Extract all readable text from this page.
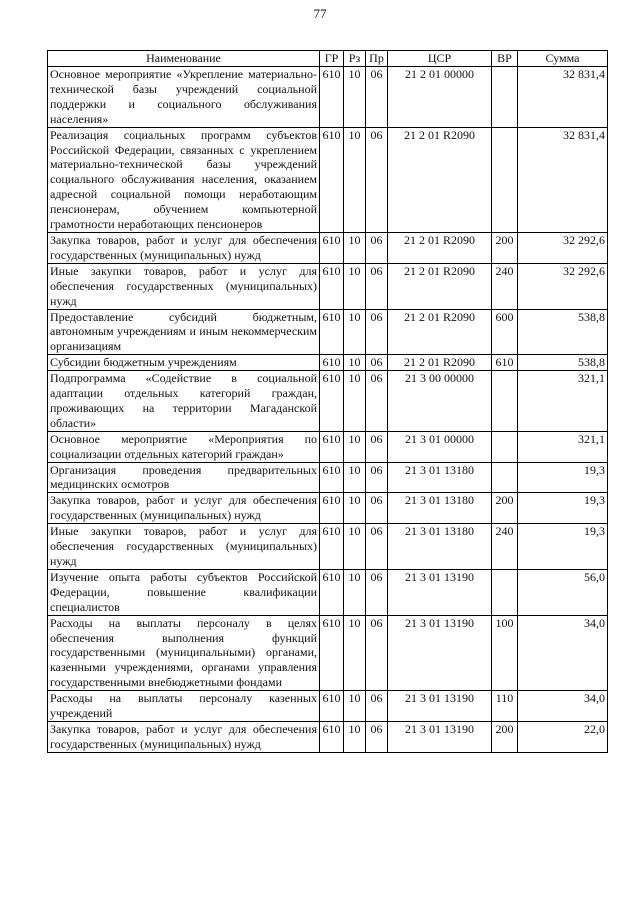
77
Наименование	ГР	Рз	Пр	ЦСР	ВР	Сумма
Основное мероприятие «Укрепление материально-технической базы учреждений социальной поддержки и социального обслуживания населения»	610	10	06	21 2 01 00000		32 831,4
Реализация социальных программ субъектов Российской Федерации, связанных с укреплением материально-технической базы учреждений социального обслуживания населения, оказанием адресной социальной помощи неработающим пенсионерам, обучением компьютерной грамотности неработающих пенсионеров	610	10	06	21 2 01 R2090		32 831,4
Закупка товаров, работ и услуг для обеспечения государственных (муниципальных) нужд	610	10	06	21 2 01 R2090	200	32 292,6
Иные закупки товаров, работ и услуг для обеспечения государственных (муниципальных) нужд	610	10	06	21 2 01 R2090	240	32 292,6
Предоставление субсидий бюджетным, автономным учреждениям и иным некоммерческим организациям	610	10	06	21 2 01 R2090	600	538,8
Субсидии бюджетным учреждениям	610	10	06	21 2 01 R2090	610	538,8
Подпрограмма «Содействие в социальной адаптации отдельных категорий граждан, проживающих на территории Магаданской области»	610	10	06	21 3 00 00000		321,1
Основное мероприятие «Мероприятия по социализации отдельных категорий граждан»	610	10	06	21 3 01 00000		321,1
Организация проведения предварительных медицинских осмотров	610	10	06	21 3 01 13180		19,3
Закупка товаров, работ и услуг для обеспечения государственных (муниципальных) нужд	610	10	06	21 3 01 13180	200	19,3
Иные закупки товаров, работ и услуг для обеспечения государственных (муниципальных) нужд	610	10	06	21 3 01 13180	240	19,3
Изучение опыта работы субъектов Российской Федерации, повышение квалификации специалистов	610	10	06	21 3 01 13190		56,0
Расходы на выплаты персоналу в целях обеспечения выполнения функций государственными (муниципальными) органами, казенными учреждениями, органами управления государственными внебюджетными фондами	610	10	06	21 3 01 13190	100	34,0
Расходы на выплаты персоналу казенных учреждений	610	10	06	21 3 01 13190	110	34,0
Закупка товаров, работ и услуг для обеспечения государственных (муниципальных) нужд	610	10	06	21 3 01 13190	200	22,0
